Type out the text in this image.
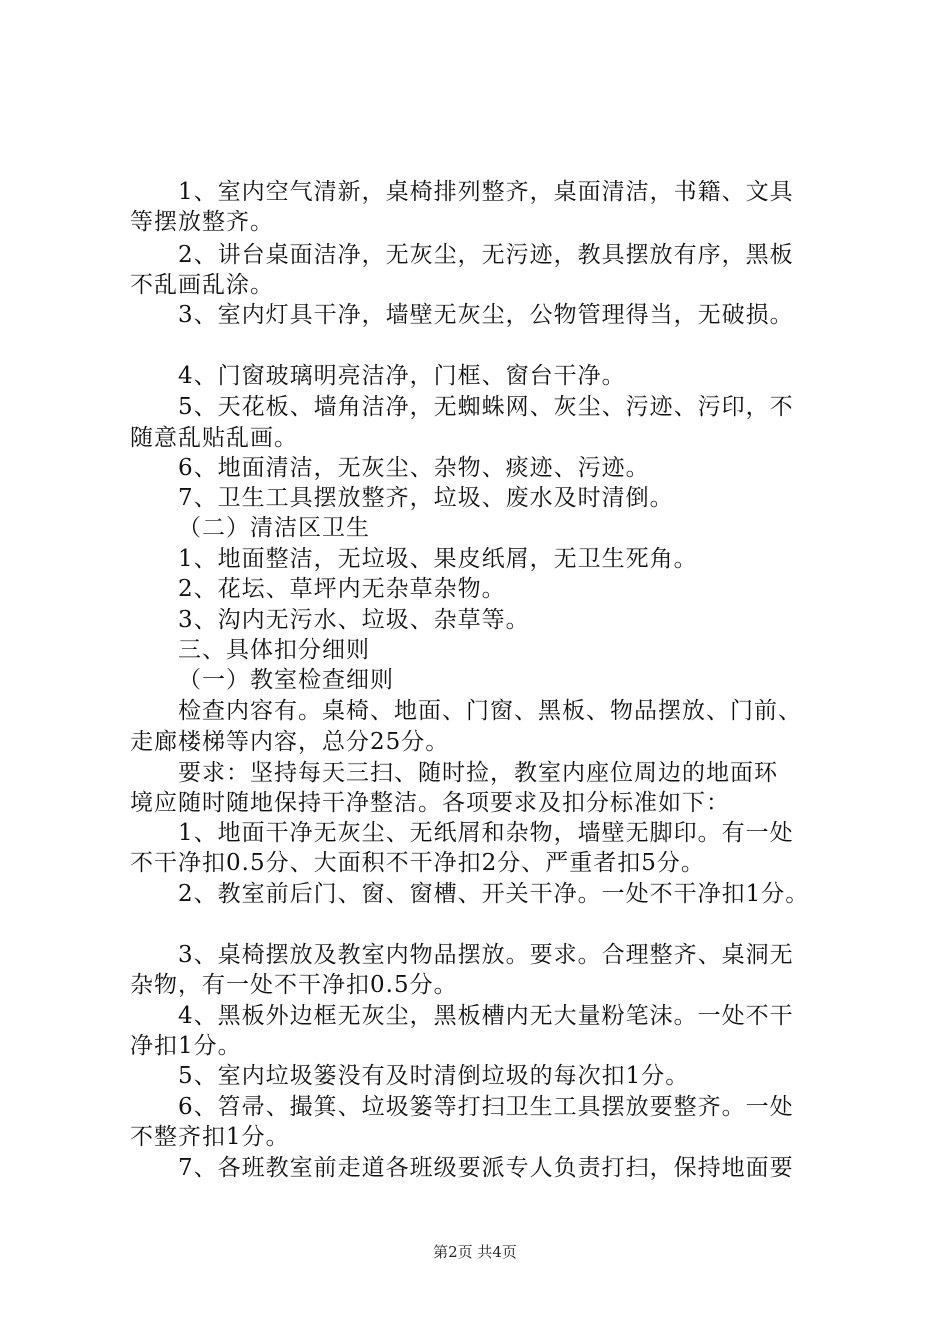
1、室内空气清新，桌椅排列整齐，桌面清洁，书籍、文具
等摆放整齐。
2、讲台桌面洁净，无灰尘，无污迹，教具摆放有序，黑板
不乱画乱涂。
3、室内灯具干净，墙壁无灰尘，公物管理得当，无破损。
4、门窗玻璃明亮洁净，门框、窗台干净。
5、天花板、墙角洁净，无蜘蛛网、灰尘、污迹、污印，不
随意乱贴乱画。
6、地面清洁，无灰尘、杂物、痰迹、污迹。
7、卫生工具摆放整齐，垃圾、废水及时清倒。
（二）清洁区卫生
1、地面整洁，无垃圾、果皮纸屑，无卫生死角。
2、花坛、草坪内无杂草杂物。
3、沟内无污水、垃圾、杂草等。
三、具体扣分细则
（一）教室检查细则
检查内容有。桌椅、地面、门窗、黑板、物品摆放、门前、
走廊楼梯等内容，总分25分。
要求：坚持每天三扫、随时捡，教室内座位周边的地面环
境应随时随地保持干净整洁。各项要求及扣分标准如下：
1、地面干净无灰尘、无纸屑和杂物，墙壁无脚印。有一处
不干净扣0.5分、大面积不干净扣2分、严重者扣5分。
2、教室前后门、窗、窗槽、开关干净。一处不干净扣1分。
3、桌椅摆放及教室内物品摆放。要求。合理整齐、桌洞无
杂物，有一处不干净扣0.5分。
4、黑板外边框无灰尘，黑板槽内无大量粉笔沫。一处不干
净扣1分。
5、室内垃圾篓没有及时清倒垃圾的每次扣1分。
6、笤帚、撮箕、垃圾篓等打扫卫生工具摆放要整齐。一处
不整齐扣1分。
7、各班教室前走道各班级要派专人负责打扫，保持地面要
第2页 共4页
